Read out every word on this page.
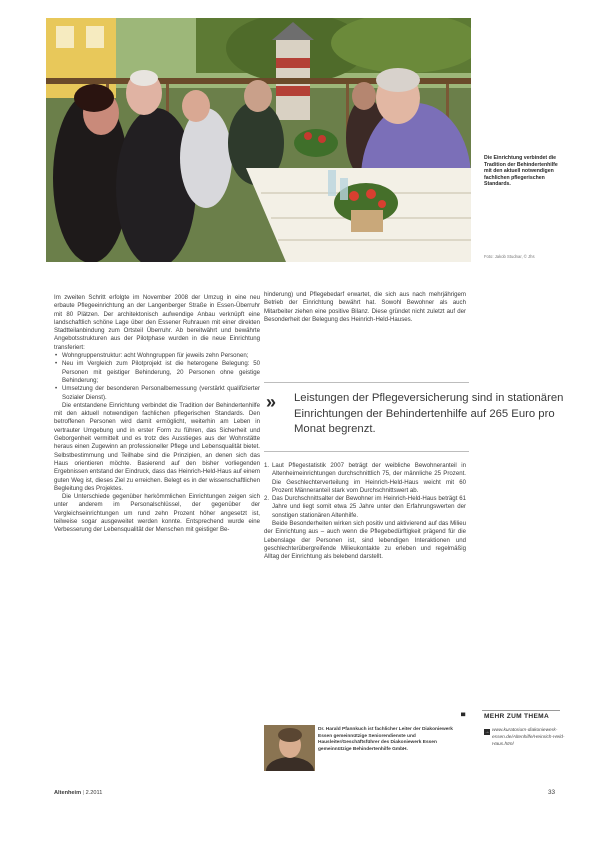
Die Einrichtung verbindet die Tradition der Behindertenhilfe mit den aktuell notwendigen fachlichen pflegerischen Standards.
Foto: Jakob Studnar, © Jhs

Im zweiten Schritt erfolgte im November 2008 der Umzug in eine neu erbaute Pflegeeinrichtung an der Langenberger Straße in Essen-Überruhr mit 80 Plätzen. Der architektonisch aufwendige Anbau verknüpft eine landschaftlich schöne Lage über den Essener Ruhrauen mit einer direkten Stadtteilanbindung zum Ortsteil Überruhr. Ab bereitwährt und bewährte Angebotsstrukturen aus der Pilotphase wurden in die neue Einrichtung transferiert:

• Wohngruppenstruktur: acht Wohngruppen für jeweils zehn Personen;
• Neu im Vergleich zum Pilotprojekt ist die heterogene Belegung: 50 Personen mit geistiger Behinderung, 20 Personen ohne geistige Behinderung;
• Umsetzung der besonderen Personalbemessung (verstärkt qualifizierter Sozialer Dienst).

Die entstandene Einrichtung verbindet die Tradition der Behindertenhilfe mit den aktuell notwendigen fachlichen pflegerischen Standards. Den betroffenen Personen wird damit ermöglicht, weiterhin am Leben in vertrauter Umgebung und in erster Form zu führen, das Sicherheit und Geborgenheit vermittelt und es trotz des Ausstieges aus der Wohnstätte heraus einen Zugewinn an professioneller Pflege und Lebensqualität bietet. Selbstbestimmung und Teilhabe sind die Prinzipien, an denen sich das Haus orientieren möchte. Basierend auf den bisher vorliegenden Ergebnissen entstand der Eindruck, dass das Heinrich-Held-Haus auf einem guten Weg ist, dieses Ziel zu erreichen. Belegt es in der wissenschaftlichen Begleitung des Projektes.

Die Unterschiede gegenüber herkömmlichen Einrichtungen zeigen sich unter anderem im Personalschlüssel, der gegenüber der Vergleichseinrichtungen um rund zehn Prozent höher angesetzt ist, teilweise sogar ausgeweitet werden konnte. Entsprechend wurde eine Verbesserung der Lebensqualität der Menschen mit geistiger Be-

hinderung) und Pflegebedarf erwartet, die sich aus nach mehrjährigem Betrieb der Einrichtung bewährt hat. Sowohl Bewohner als auch Mitarbeiter ziehen eine positive Bilanz. Diese gründet nicht zuletzt auf der Besonderheit der Belegung des Heinrich-Held-Hauses.

» Leistungen der Pflegeversicherung sind in stationären Einrichtungen der Behindertenhilfe auf 265 Euro pro Monat begrenzt.
1. Laut Pflegestatistik 2007 beträgt der weibliche Bewohneranteil in Altenheimeinrichtungen durchschnittlich 75, der männliche 25 Prozent. Die Geschlechterverteilung im Heinrich-Held-Haus weicht mit 60 Prozent Männeranteil stark vom Durchschnittswert ab.
2. Das Durchschnittsalter der Bewohner im Heinrich-Held-Haus beträgt 61 Jahre und liegt somit etwa 25 Jahre unter den Erfahrungswerten der sonstigen stationären Altenhilfe.

Beide Besonderheiten wirken sich positiv und aktivierend auf das Milieu der Einrichtung aus – auch wenn die Pflegebedürftigkeit prägend für die Lebenslage der Personen ist, sind lebendigen Interaktionen und geschlechterübergreifende Milieukontakte zu erleben und regelmäßig Alltag der Einrichtung als belebend darstellt.

▀
Dr. Harald Pfannkuch ist fachlicher Leiter der Diakoniewerk Essen gemeinnützige Seniorendienste und Hausleiter/Geschäftsführer des Diakoniewerk Essen gemeinnützige Behindertenhilfe GmbH.
MEHR ZUM THEMA
→ www.kuratorium-diakoniewerk-essen.de/Altenhilfe/Heinrich-Held-Haus.html
Altenheim | 2.2011	33
